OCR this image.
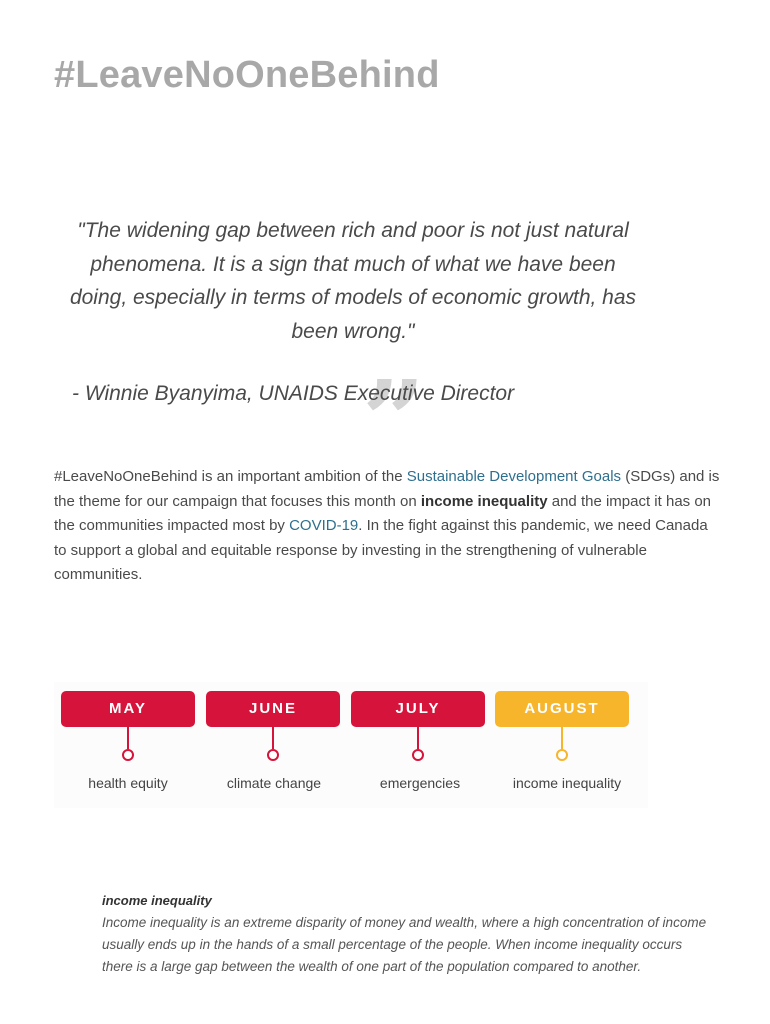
#LeaveNoOneBehind
"The widening gap between rich and poor is not just natural phenomena. It is a sign that much of what we have been doing, especially in terms of models of economic growth, has been wrong."
”
- Winnie Byanyima, UNAIDS Executive Director
#LeaveNoOneBehind is an important ambition of the Sustainable Development Goals (SDGs) and is the theme for our campaign that focuses this month on income inequality and the impact it has on the communities impacted most by COVID-19. In the fight against this pandemic, we need Canada to support a global and equitable response by investing in the strengthening of vulnerable communities.
MAY
health equity
JUNE
climate change
JULY
emergencies
AUGUST
income inequality
income inequality
Income inequality is an extreme disparity of money and wealth, where a high concentration of income usually ends up in the hands of a small percentage of the people. When income inequality occurs there is a large gap between the wealth of one part of the population compared to another.
